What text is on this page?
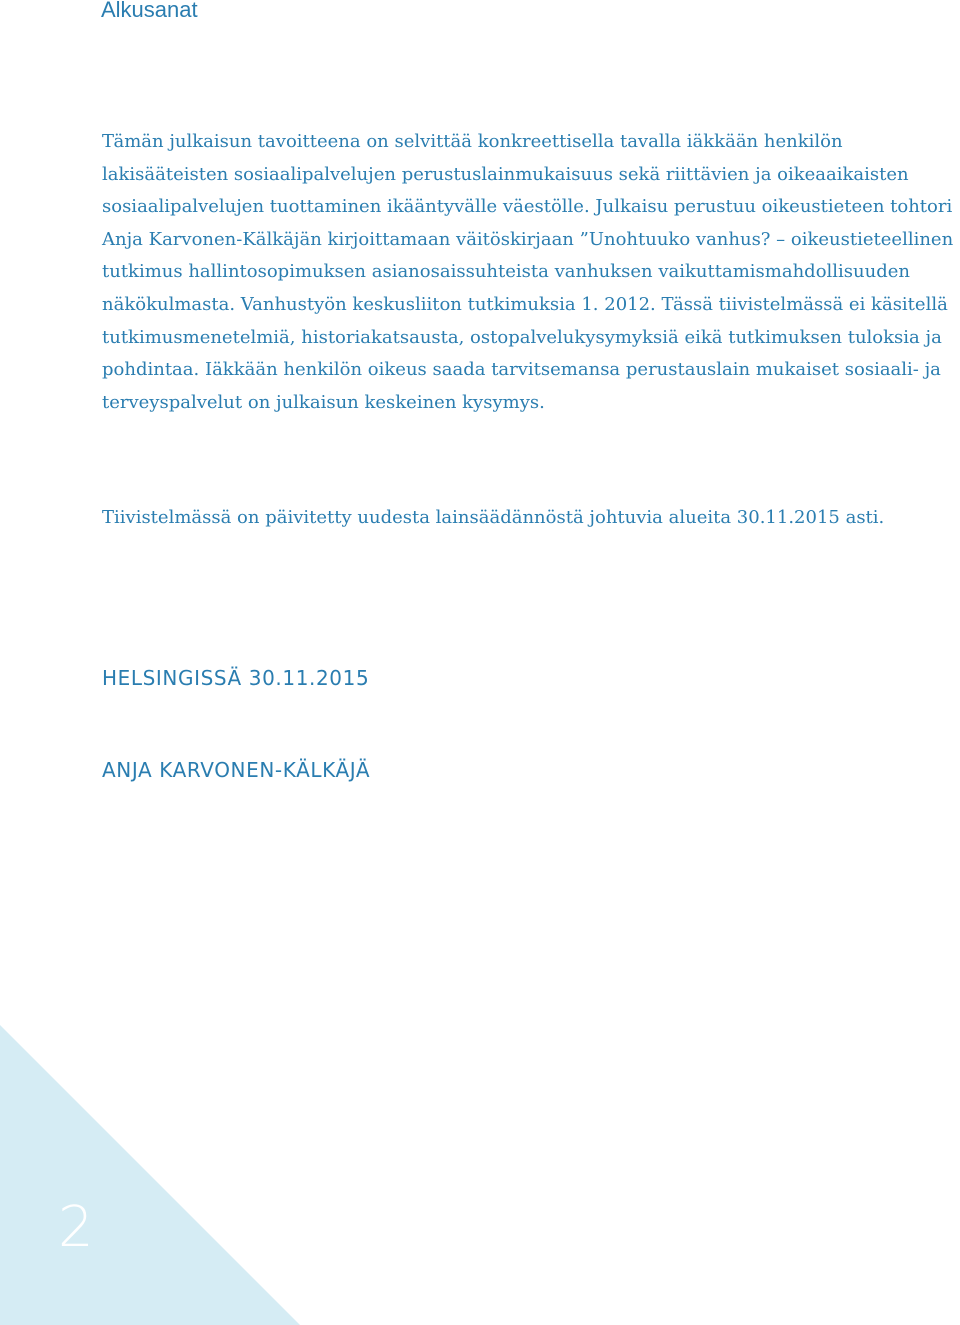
Alkusanat

Tämän julkaisun tavoitteena on selvittää konkreettisella tavalla iäkkään henkilön lakisääteisten sosiaalipalvelujen perustuslainmukaisuus sekä riittävien ja oikeaaikaisten sosiaalipalvelujen tuottaminen ikääntyvälle väestölle. Julkaisu perustuu oikeustieteen tohtori Anja Karvonen-Kälkäjän kirjoittamaan väitöskirjaan ”Unohtuuko vanhus? – oikeustieteellinen tutkimus hallintosopimuksen asianosaissuhteista vanhuksen vaikuttamismahdollisuuden näkökulmasta. Vanhustyön keskusliiton tutkimuksia 1. 2012. Tässä tiivistelmässä ei käsitellä tutkimusmenetelmiä, historiakatsausta, ostopalvelukysymyksiä eikä tutkimuksen tuloksia ja pohdintaa. Iäkkään henkilön oikeus saada tarvitsemansa perustauslain mukaiset sosiaali- ja terveyspalvelut on julkaisun keskeinen kysymys.

Tiivistelmässä on päivitetty uudesta lainsäädännöstä johtuvia alueita 30.11.2015 asti.

HELSINGISSÄ 30.11.2015

ANJA KARVONEN-KÄLKÄJÄ

2
